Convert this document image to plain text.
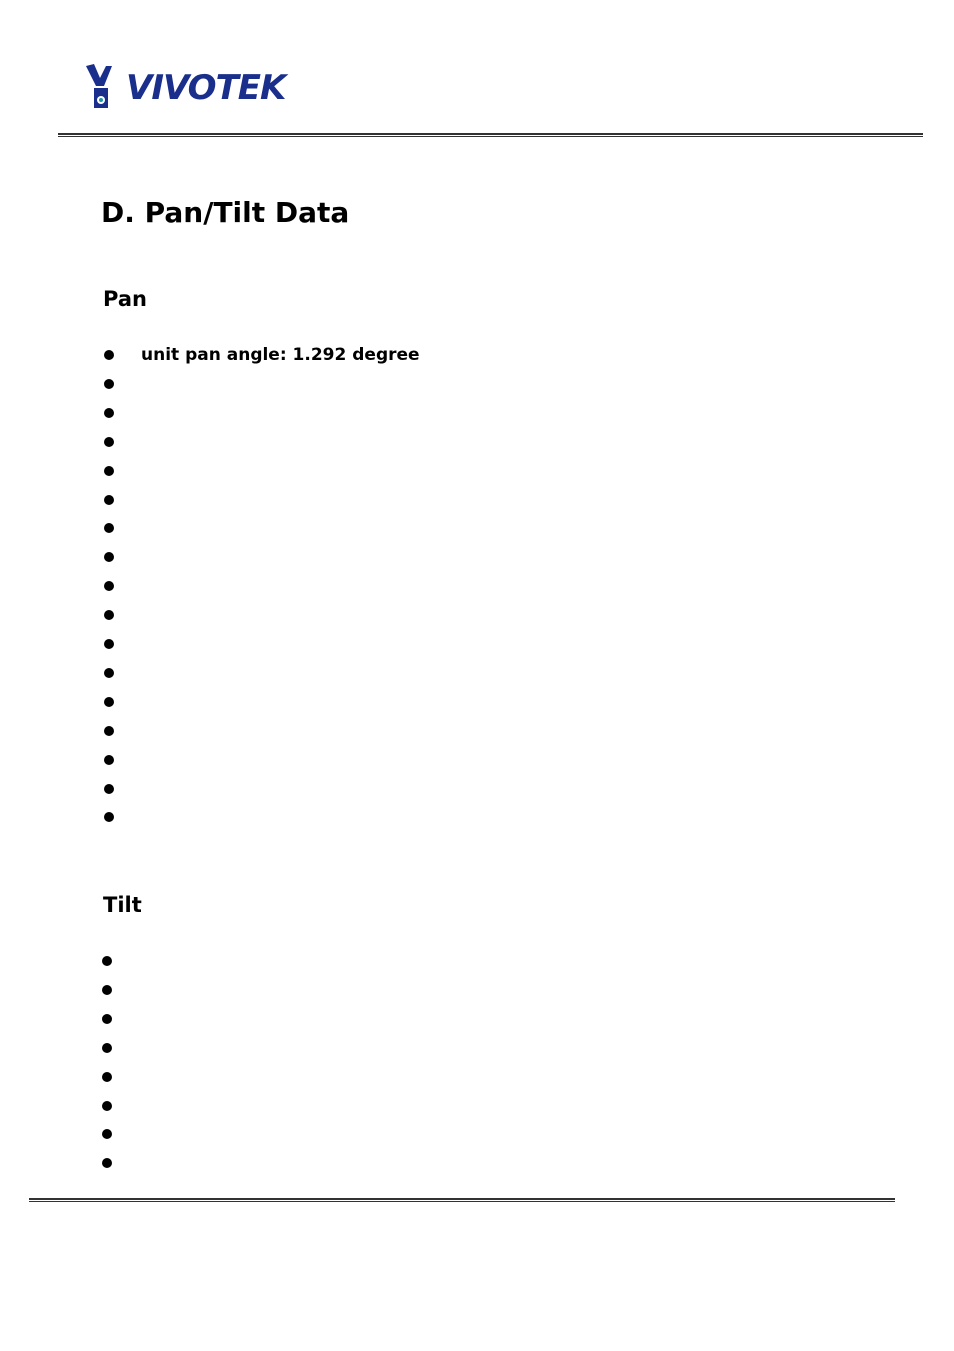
VIVOTEK
D. Pan/Tilt Data
Pan
unit pan angle: 1.292 degree
Tilt
